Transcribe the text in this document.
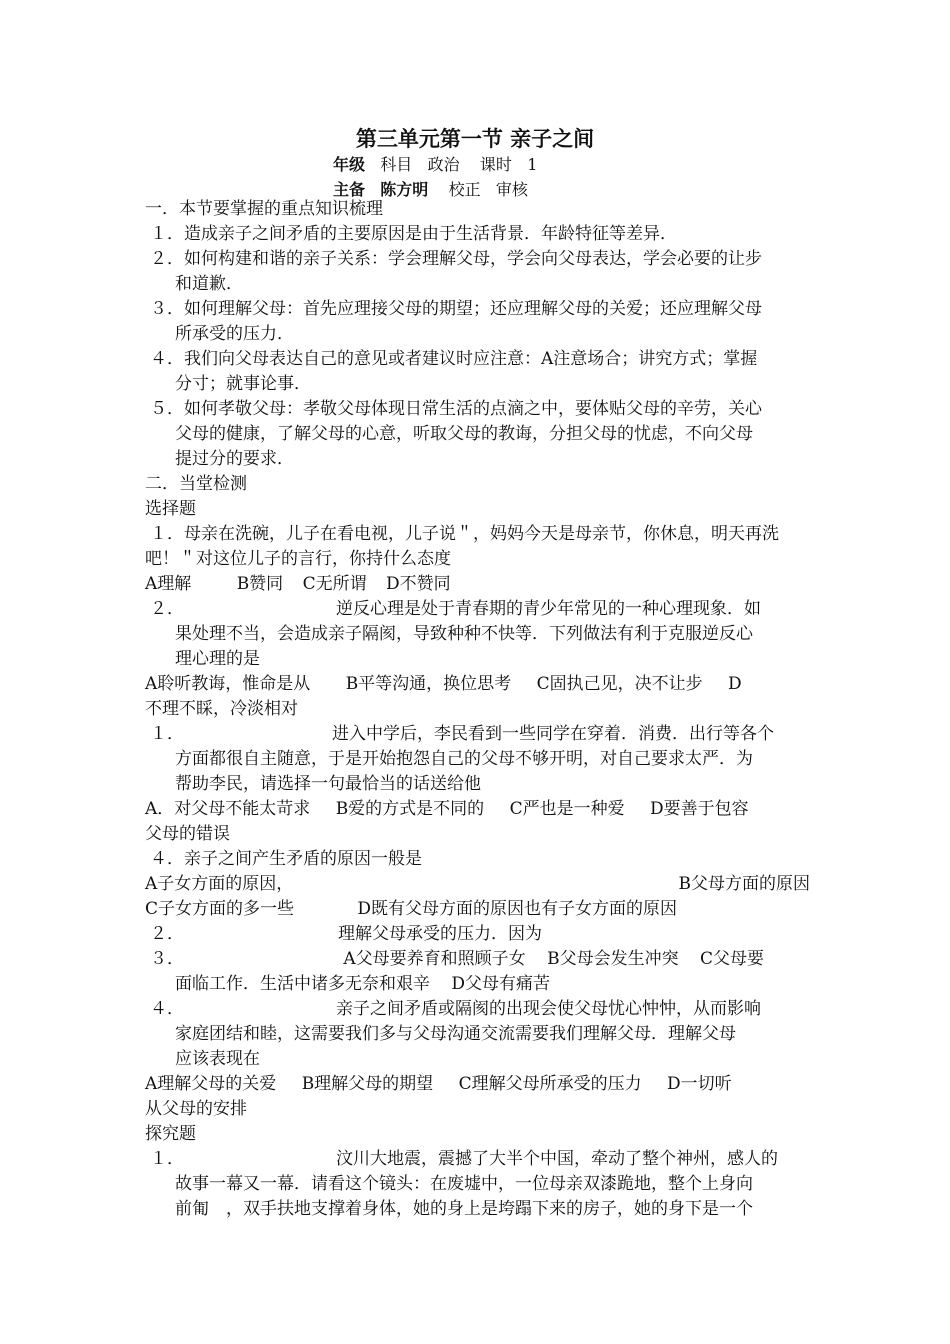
第三单元第一节 亲子之间
年级 科目 政治 课时 1
主备 陈方明 校正 审核
一．本节要掌握的重点知识梳理
１．造成亲子之间矛盾的主要原因是由于生活背景．年龄特征等差异．
２．如何构建和谐的亲子关系：学会理解父母，学会向父母表达，学会必要的让步
和道歉．
３．如何理解父母：首先应理接父母的期望；还应理解父母的关爱；还应理解父母
所承受的压力．
４．我们向父母表达自己的意见或者建议时应注意：A注意场合；讲究方式；掌握
分寸；就事论事．
５．如何孝敬父母：孝敬父母体现日常生活的点滴之中，要体贴父母的辛劳，关心
父母的健康，了解父母的心意，听取父母的教诲，分担父母的忧虑，不向父母
提过分的要求．
二．当堂检测
选择题
１．母亲在洗碗，儿子在看电视，儿子说＂，妈妈今天是母亲节，你休息，明天再洗
吧！＂对这位儿子的言行，你持什么态度
A理解	B赞同 C无所谓 D不赞同
２．	逆反心理是处于青春期的青少年常见的一种心理现象．如
果处理不当，会造成亲子隔阂，导致种种不快等．下列做法有利于克服逆反心
理心理的是
A聆听教诲，惟命是从 B平等沟通，换位思考 C固执己见，决不让步 D
不理不睬，冷淡相对
１．	进入中学后，李民看到一些同学在穿着．消费．出行等各个
方面都很自主随意，于是开始抱怨自己的父母不够开明，对自己要求太严．为
帮助李民，请选择一句最恰当的话送给他
A．对父母不能太苛求 B爱的方式是不同的 C严也是一种爱 D要善于包容
父母的错误
４．亲子之间产生矛盾的原因一般是
A子女方面的原因，	B父母方面的原因
C子女方面的多一些	D既有父母方面的原因也有子女方面的原因
２．	理解父母承受的压力．因为
３．	A父母要养育和照顾子女 B父母会发生冲突 C父母要
面临工作．生活中诸多无奈和艰辛 D父母有痛苦
４．	亲子之间矛盾或隔阂的出现会使父母忧心忡忡，从而影响
家庭团结和睦，这需要我们多与父母沟通交流需要我们理解父母．理解父母
应该表现在
A理解父母的关爱 B理解父母的期望 C理解父母所承受的压力 D一切听
从父母的安排
探究题
１．	汶川大地震，震撼了大半个中国，牵动了整个神州，感人的
故事一幕又一幕．请看这个镜头：在废墟中，一位母亲双漆跪地，整个上身向
前匍　，双手扶地支撑着身体，她的身上是垮蹋下来的房子，她的身下是一个
